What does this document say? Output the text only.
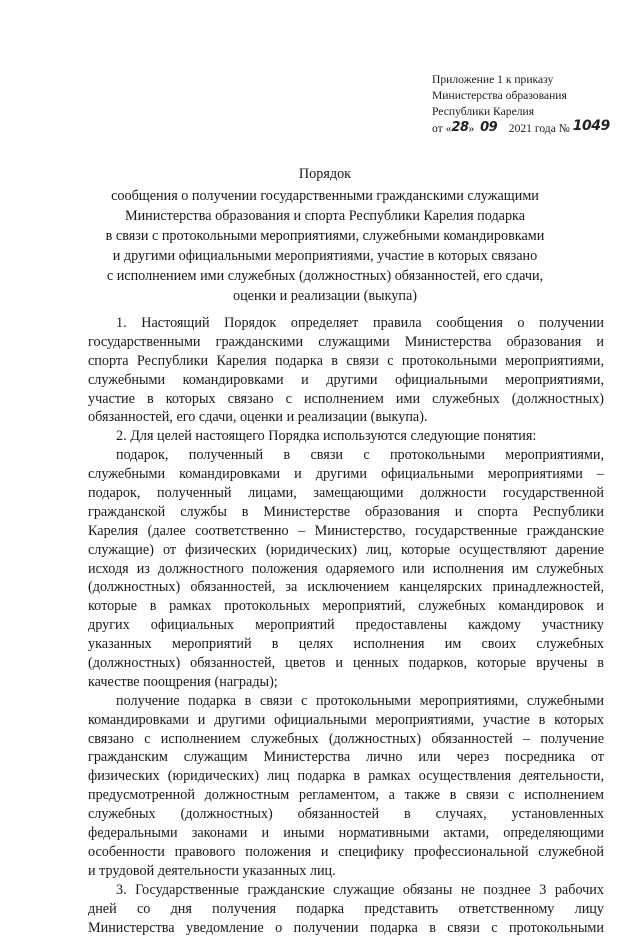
Приложение 1 к приказу
Министерства образования
Республики Карелия
от «28» 09 2021 года № 1049
Порядок
сообщения о получении государственными гражданскими служащими
Министерства образования и спорта Республики Карелия подарка
в связи с протокольными мероприятиями, служебными командировками
и другими официальными мероприятиями, участие в которых связано
с исполнением ими служебных (должностных) обязанностей, его сдачи,
оценки и реализации (выкупа)
1. Настоящий Порядок определяет правила сообщения о получении
государственными гражданскими служащими Министерства образования и
спорта Республики Карелия подарка в связи с протокольными мероприятиями,
служебными командировками и другими официальными мероприятиями,
участие в которых связано с исполнением ими служебных (должностных)
обязанностей, его сдачи, оценки и реализации (выкупа).
2. Для целей настоящего Порядка используются следующие понятия:
подарок, полученный в связи с протокольными мероприятиями,
служебными командировками и другими официальными мероприятиями –
подарок, полученный лицами, замещающими должности государственной
гражданской службы в Министерстве образования и спорта Республики
Карелия (далее соответственно – Министерство, государственные гражданские
служащие) от физических (юридических) лиц, которые осуществляют дарение
исходя из должностного положения одаряемого или исполнения им служебных
(должностных) обязанностей, за исключением канцелярских принадлежностей,
которые в рамках протокольных мероприятий, служебных командировок и
других официальных мероприятий предоставлены каждому участнику
указанных мероприятий в целях исполнения им своих служебных
(должностных) обязанностей, цветов и ценных подарков, которые вручены в
качестве поощрения (награды);
получение подарка в связи с протокольными мероприятиями, служебными
командировками и другими официальными мероприятиями, участие в которых
связано с исполнением служебных (должностных) обязанностей – получение
гражданским служащим Министерства лично или через посредника от
физических (юридических) лиц подарка в рамках осуществления деятельности,
предусмотренной должностным регламентом, а также в связи с исполнением
служебных (должностных) обязанностей в случаях, установленных
федеральными законами и иными нормативными актами, определяющими
особенности правового положения и специфику профессиональной служебной
и трудовой деятельности указанных лиц.
3. Государственные гражданские служащие обязаны не позднее 3 рабочих
дней со дня получения подарка представить ответственному лицу
Министерства уведомление о получении подарка в связи с протокольными
